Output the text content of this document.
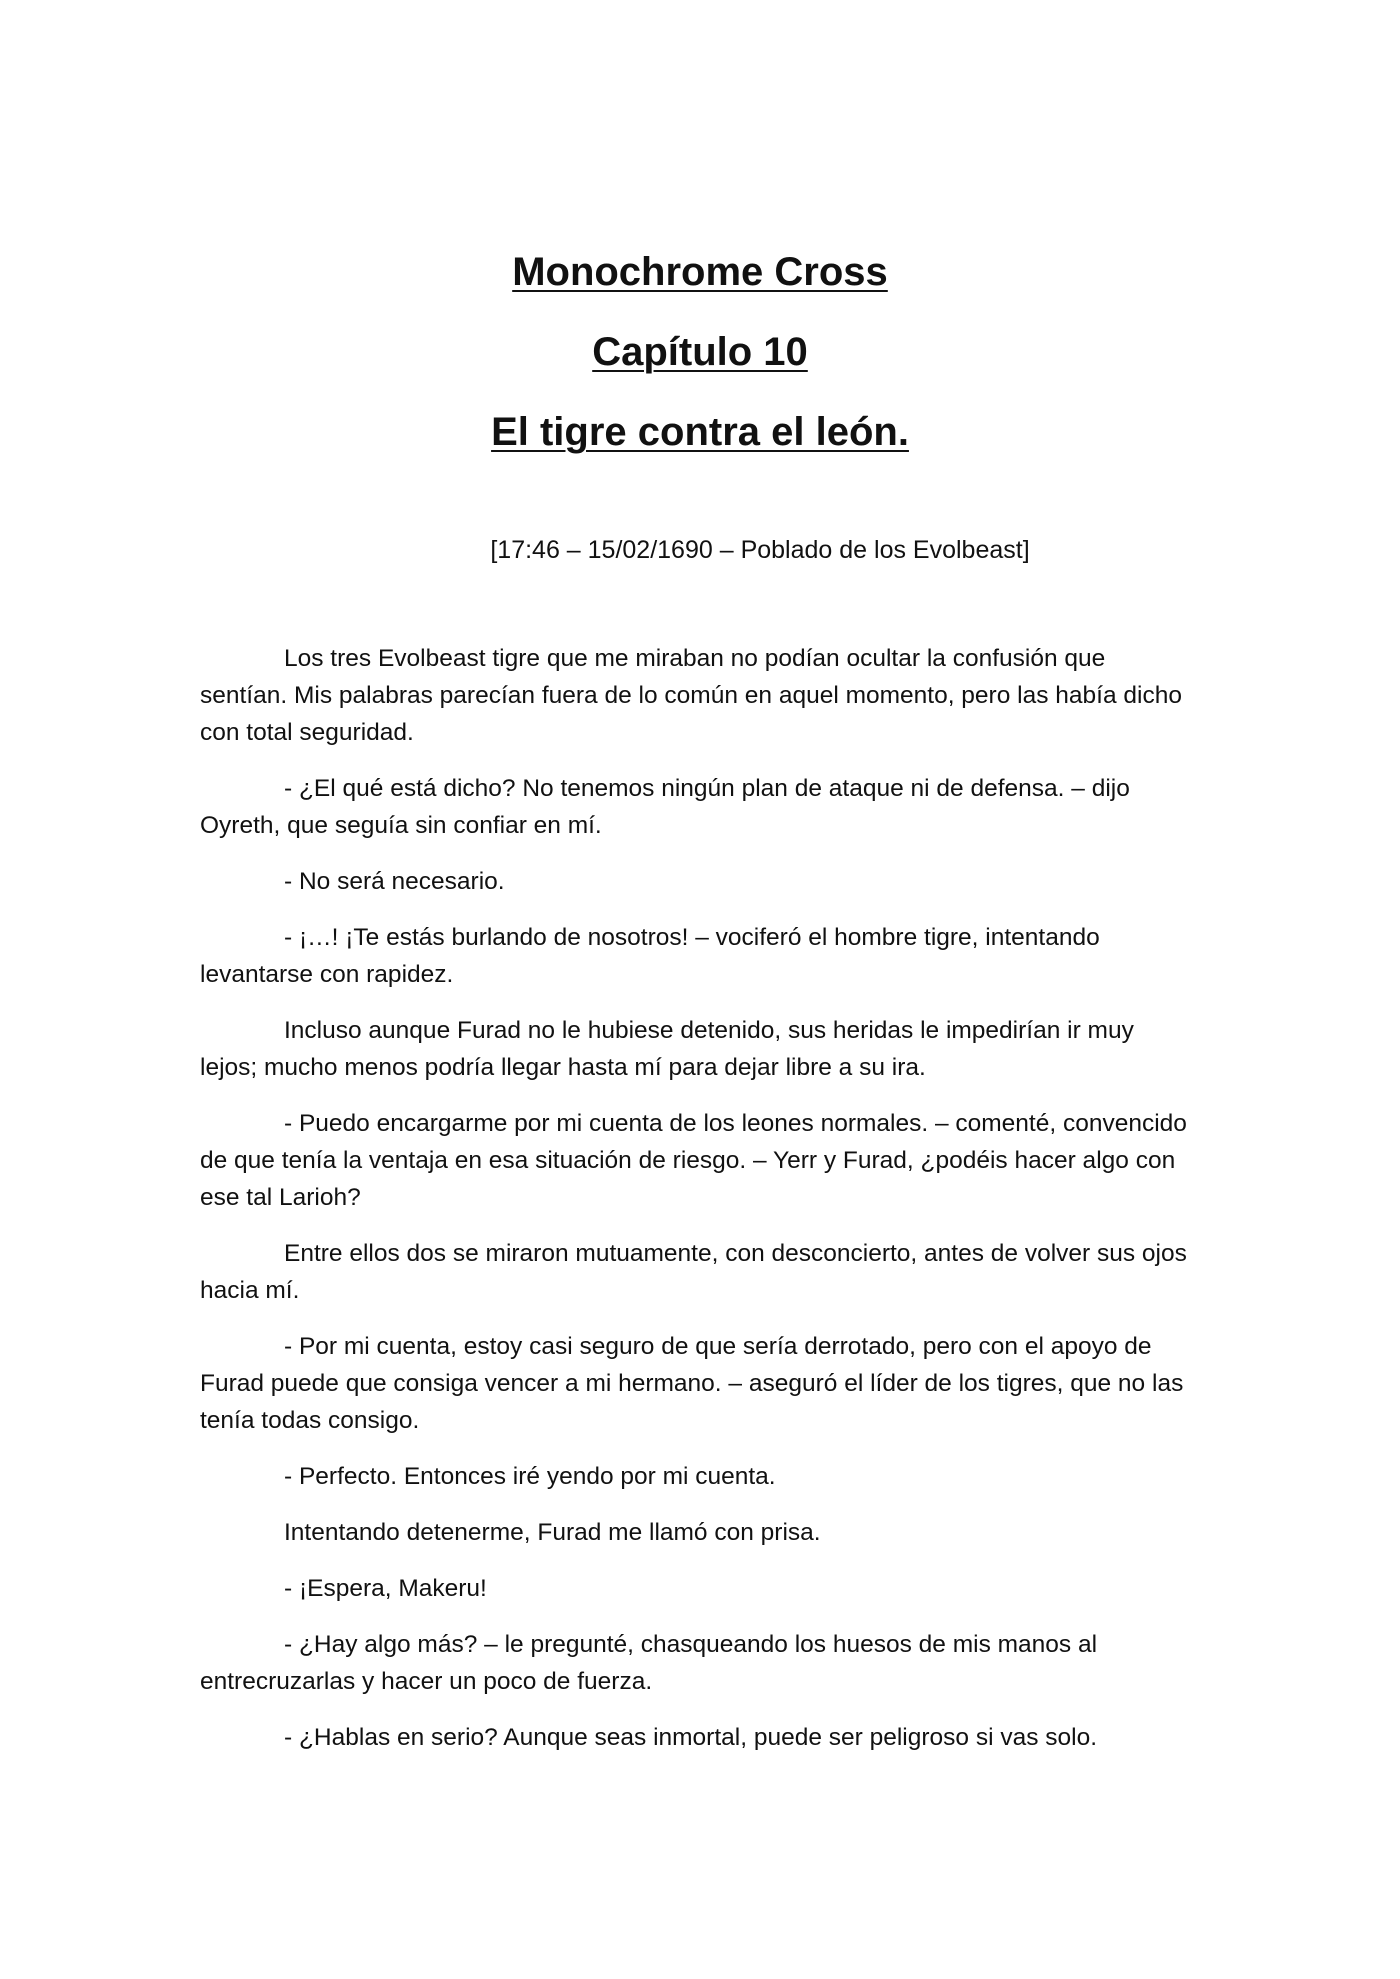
Monochrome Cross

Capítulo 10

El tigre contra el león.

[17:46 – 15/02/1690 – Poblado de los Evolbeast]

Los tres Evolbeast tigre que me miraban no podían ocultar la confusión que sentían. Mis palabras parecían fuera de lo común en aquel momento, pero las había dicho con total seguridad.

- ¿El qué está dicho? No tenemos ningún plan de ataque ni de defensa. – dijo Oyreth, que seguía sin confiar en mí.

- No será necesario.

- ¡…! ¡Te estás burlando de nosotros! – vociferó el hombre tigre, intentando levantarse con rapidez.

Incluso aunque Furad no le hubiese detenido, sus heridas le impedirían ir muy lejos; mucho menos podría llegar hasta mí para dejar libre a su ira.

- Puedo encargarme por mi cuenta de los leones normales. – comenté, convencido de que tenía la ventaja en esa situación de riesgo. – Yerr y Furad, ¿podéis hacer algo con ese tal Larioh?

Entre ellos dos se miraron mutuamente, con desconcierto, antes de volver sus ojos hacia mí.

- Por mi cuenta, estoy casi seguro de que sería derrotado, pero con el apoyo de Furad puede que consiga vencer a mi hermano. – aseguró el líder de los tigres, que no las tenía todas consigo.

- Perfecto. Entonces iré yendo por mi cuenta.

Intentando detenerme, Furad me llamó con prisa.

- ¡Espera, Makeru!

- ¿Hay algo más? – le pregunté, chasqueando los huesos de mis manos al entrecruzarlas y hacer un poco de fuerza.

- ¿Hablas en serio? Aunque seas inmortal, puede ser peligroso si vas solo.
